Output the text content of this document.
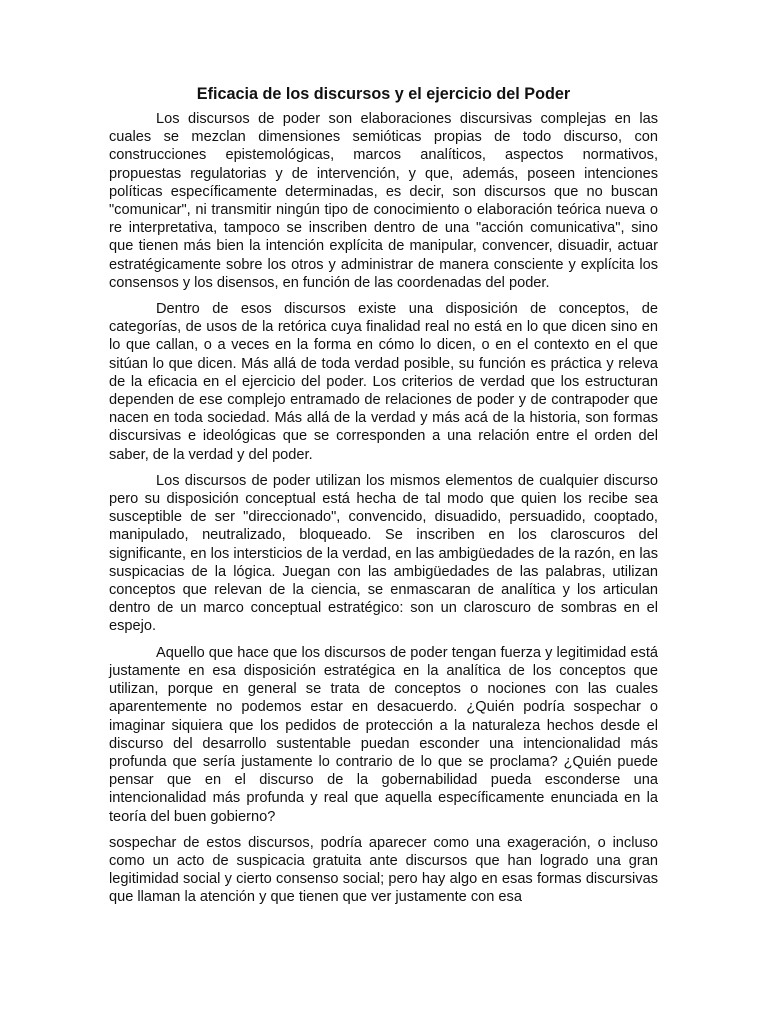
Eficacia de los discursos y el ejercicio del Poder

Los discursos de poder son elaboraciones discursivas complejas en las cuales se mezclan dimensiones semióticas propias de todo discurso, con construcciones epistemológicas, marcos analíticos, aspectos normativos, propuestas regulatorias y de intervención, y que, además, poseen intenciones políticas específicamente determinadas, es decir, son discursos que no buscan "comunicar", ni transmitir ningún tipo de conocimiento o elaboración teórica nueva o re interpretativa, tampoco se inscriben dentro de una "acción comunicativa", sino que tienen más bien la intención explícita de manipular, convencer, disuadir, actuar estratégicamente sobre los otros y administrar de manera consciente y explícita los consensos y los disensos, en función de las coordenadas del poder.

Dentro de esos discursos existe una disposición de conceptos, de categorías, de usos de la retórica cuya finalidad real no está en lo que dicen sino en lo que callan, o a veces en la forma en cómo lo dicen, o en el contexto en el que sitúan lo que dicen. Más allá de toda verdad posible, su función es práctica y releva de la eficacia en el ejercicio del poder. Los criterios de verdad que los estructuran dependen de ese complejo entramado de relaciones de poder y de contrapoder que nacen en toda sociedad. Más allá de la verdad y más acá de la historia, son formas discursivas e ideológicas que se corresponden a una relación entre el orden del saber, de la verdad y del poder.

Los discursos de poder utilizan los mismos elementos de cualquier discurso pero su disposición conceptual está hecha de tal modo que quien los recibe sea susceptible de ser "direccionado", convencido, disuadido, persuadido, cooptado, manipulado, neutralizado, bloqueado. Se inscriben en los claroscuros del significante, en los intersticios de la verdad, en las ambigüedades de la razón, en las suspicacias de la lógica. Juegan con las ambigüedades de las palabras, utilizan conceptos que relevan de la ciencia, se enmascaran de analítica y los articulan dentro de un marco conceptual estratégico: son un claroscuro de sombras en el espejo.

Aquello que hace que los discursos de poder tengan fuerza y legitimidad está justamente en esa disposición estratégica en la analítica de los conceptos que utilizan, porque en general se trata de conceptos o nociones con las cuales aparentemente no podemos estar en desacuerdo. ¿Quién podría sospechar o imaginar siquiera que los pedidos de protección a la naturaleza hechos desde el discurso del desarrollo sustentable puedan esconder una intencionalidad más profunda que sería justamente lo contrario de lo que se proclama? ¿Quién puede pensar que en el discurso de la gobernabilidad pueda esconderse una intencionalidad más profunda y real que aquella específicamente enunciada en la teoría del buen gobierno?

sospechar de estos discursos, podría aparecer como una exageración, o incluso como un acto de suspicacia gratuita ante discursos que han logrado una gran legitimidad social y cierto consenso social; pero hay algo en esas formas discursivas que llaman la atención y que tienen que ver justamente con esa
